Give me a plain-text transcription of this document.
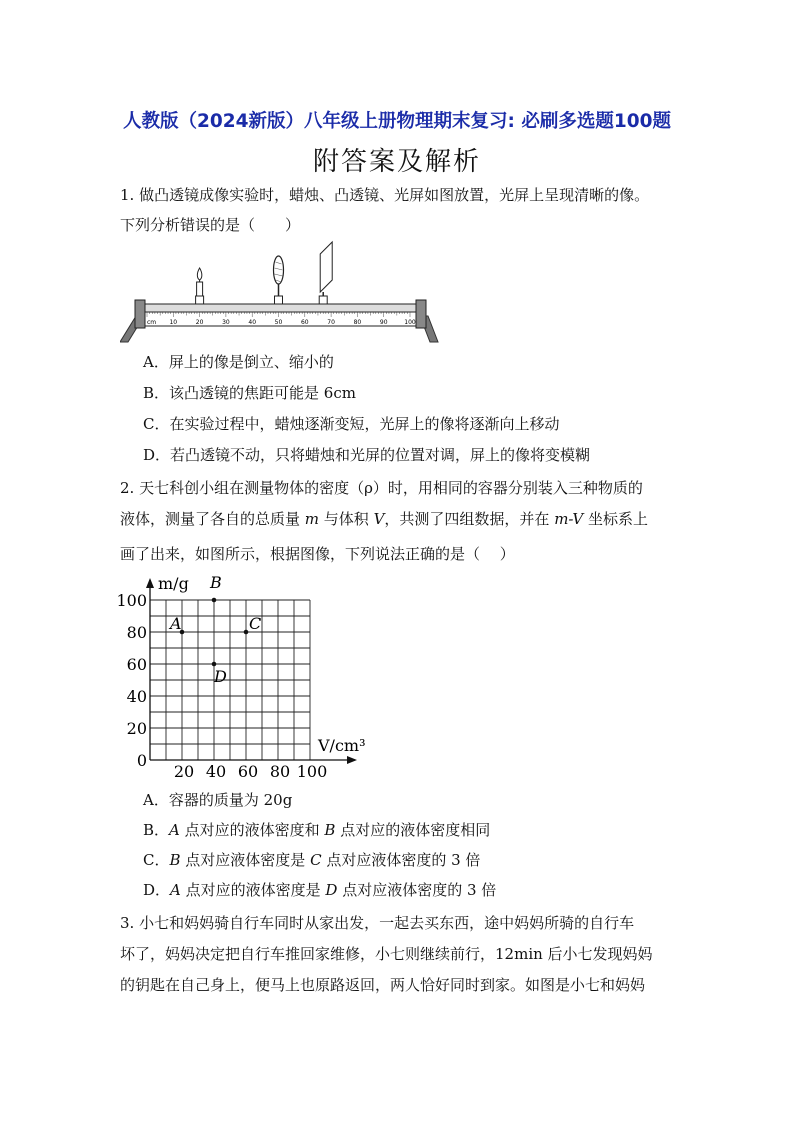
人教版（2024新版）八年级上册物理期末复习: 必刷多选题100题
附答案及解析
1. 做凸透镜成像实验时，蜡烛、凸透镜、光屏如图放置，光屏上呈现清晰的像。
下列分析错误的是（　　）
cm 10	20	30	40	50	60	70	80	90	100
A．屏上的像是倒立、缩小的
B．该凸透镜的焦距可能是 6cm
C．在实验过程中，蜡烛逐渐变短，光屏上的像将逐渐向上移动
D．若凸透镜不动，只将蜡烛和光屏的位置对调，屏上的像将变模糊
2. 天七科创小组在测量物体的密度（ρ）时，用相同的容器分别装入三种物质的
液体，测量了各自的总质量 m 与体积 V，共测了四组数据，并在 m-V 坐标系上
画了出来，如图所示，根据图像，下列说法正确的是（　 ）
0
20
40
60
80
100
20 40 60 80 100
A
B
C
D
m/g
V/cm³
A．容器的质量为 20g
B．A 点对应的液体密度和 B 点对应的液体密度相同
C．B 点对应液体密度是 C 点对应液体密度的 3 倍
D．A 点对应的液体密度是 D 点对应液体密度的 3 倍
3. 小七和妈妈骑自行车同时从家出发，一起去买东西，途中妈妈所骑的自行车
坏了，妈妈决定把自行车推回家维修，小七则继续前行，12min 后小七发现妈妈
的钥匙在自己身上，便马上也原路返回，两人恰好同时到家。如图是小七和妈妈
